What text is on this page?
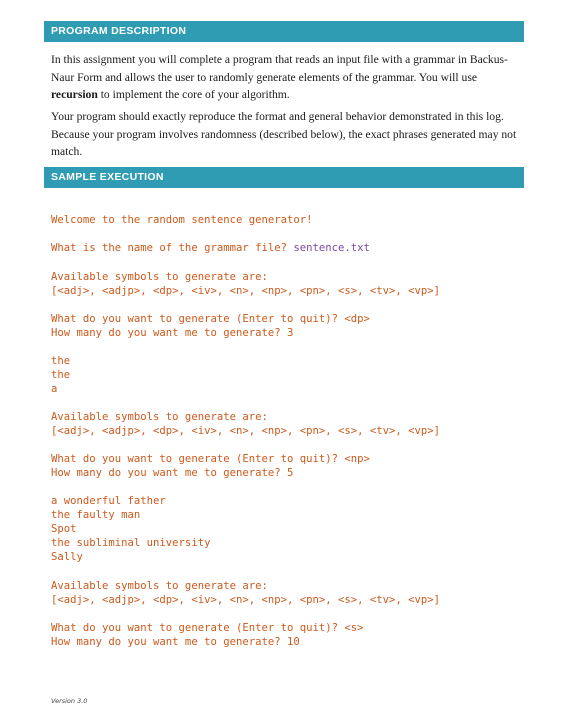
PROGRAM DESCRIPTION
In this assignment you will complete a program that reads an input file with a grammar in Backus-Naur Form and allows the user to randomly generate elements of the grammar. You will use recursion to implement the core of your algorithm.
Your program should exactly reproduce the format and general behavior demonstrated in this log. Because your program involves randomness (described below), the exact phrases generated may not match.
SAMPLE EXECUTION
Welcome to the random sentence generator!
What is the name of the grammar file? sentence.txt
Available symbols to generate are:
[<adj>, <adjp>, <dp>, <iv>, <n>, <np>, <pn>, <s>, <tv>, <vp>]
What do you want to generate (Enter to quit)? <dp>
How many do you want me to generate? 3
the
the
a
Available symbols to generate are:
[<adj>, <adjp>, <dp>, <iv>, <n>, <np>, <pn>, <s>, <tv>, <vp>]
What do you want to generate (Enter to quit)? <np>
How many do you want me to generate? 5
a wonderful father
the faulty man
Spot
the subliminal university
Sally
Available symbols to generate are:
[<adj>, <adjp>, <dp>, <iv>, <n>, <np>, <pn>, <s>, <tv>, <vp>]
What do you want to generate (Enter to quit)? <s>
How many do you want me to generate? 10
Version 3.0
